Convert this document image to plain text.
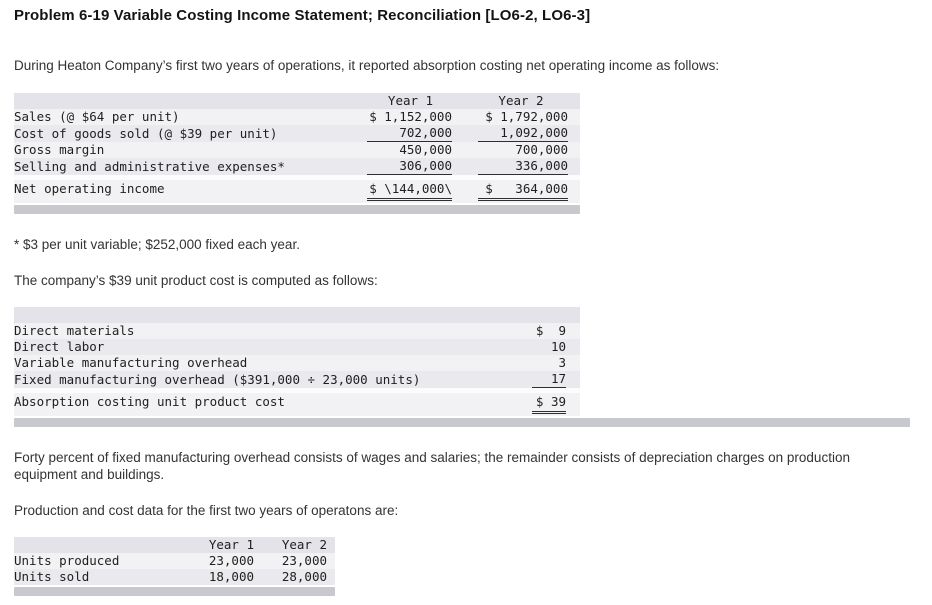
Problem 6-19 Variable Costing Income Statement; Reconciliation [LO6-2, LO6-3]

During Heaton Company’s first two years of operations, it reported absorption costing net operating income as follows:

	Year 1	Year 2
Sales (@ $64 per unit)	$ 1,152,000	$ 1,792,000
Cost of goods sold (@ $39 per unit)	702,000	1,092,000
Gross margin	450,000	700,000
Selling and administrative expenses*	306,000	336,000

Net operating income	$ \144,000\	$   364,000

* $3 per unit variable; $252,000 fixed each year.

The company’s $39 unit product cost is computed as follows:

Direct materials	$  9
Direct labor	10
Variable manufacturing overhead	3
Fixed manufacturing overhead ($391,000 ÷ 23,000 units)	17

Absorption costing unit product cost	$ 39

Forty percent of fixed manufacturing overhead consists of wages and salaries; the remainder consists of depreciation charges on production equipment and buildings.

Production and cost data for the first two years of operatons are:

	Year 1	Year 2
Units produced	23,000	23,000
Units sold	18,000	28,000
